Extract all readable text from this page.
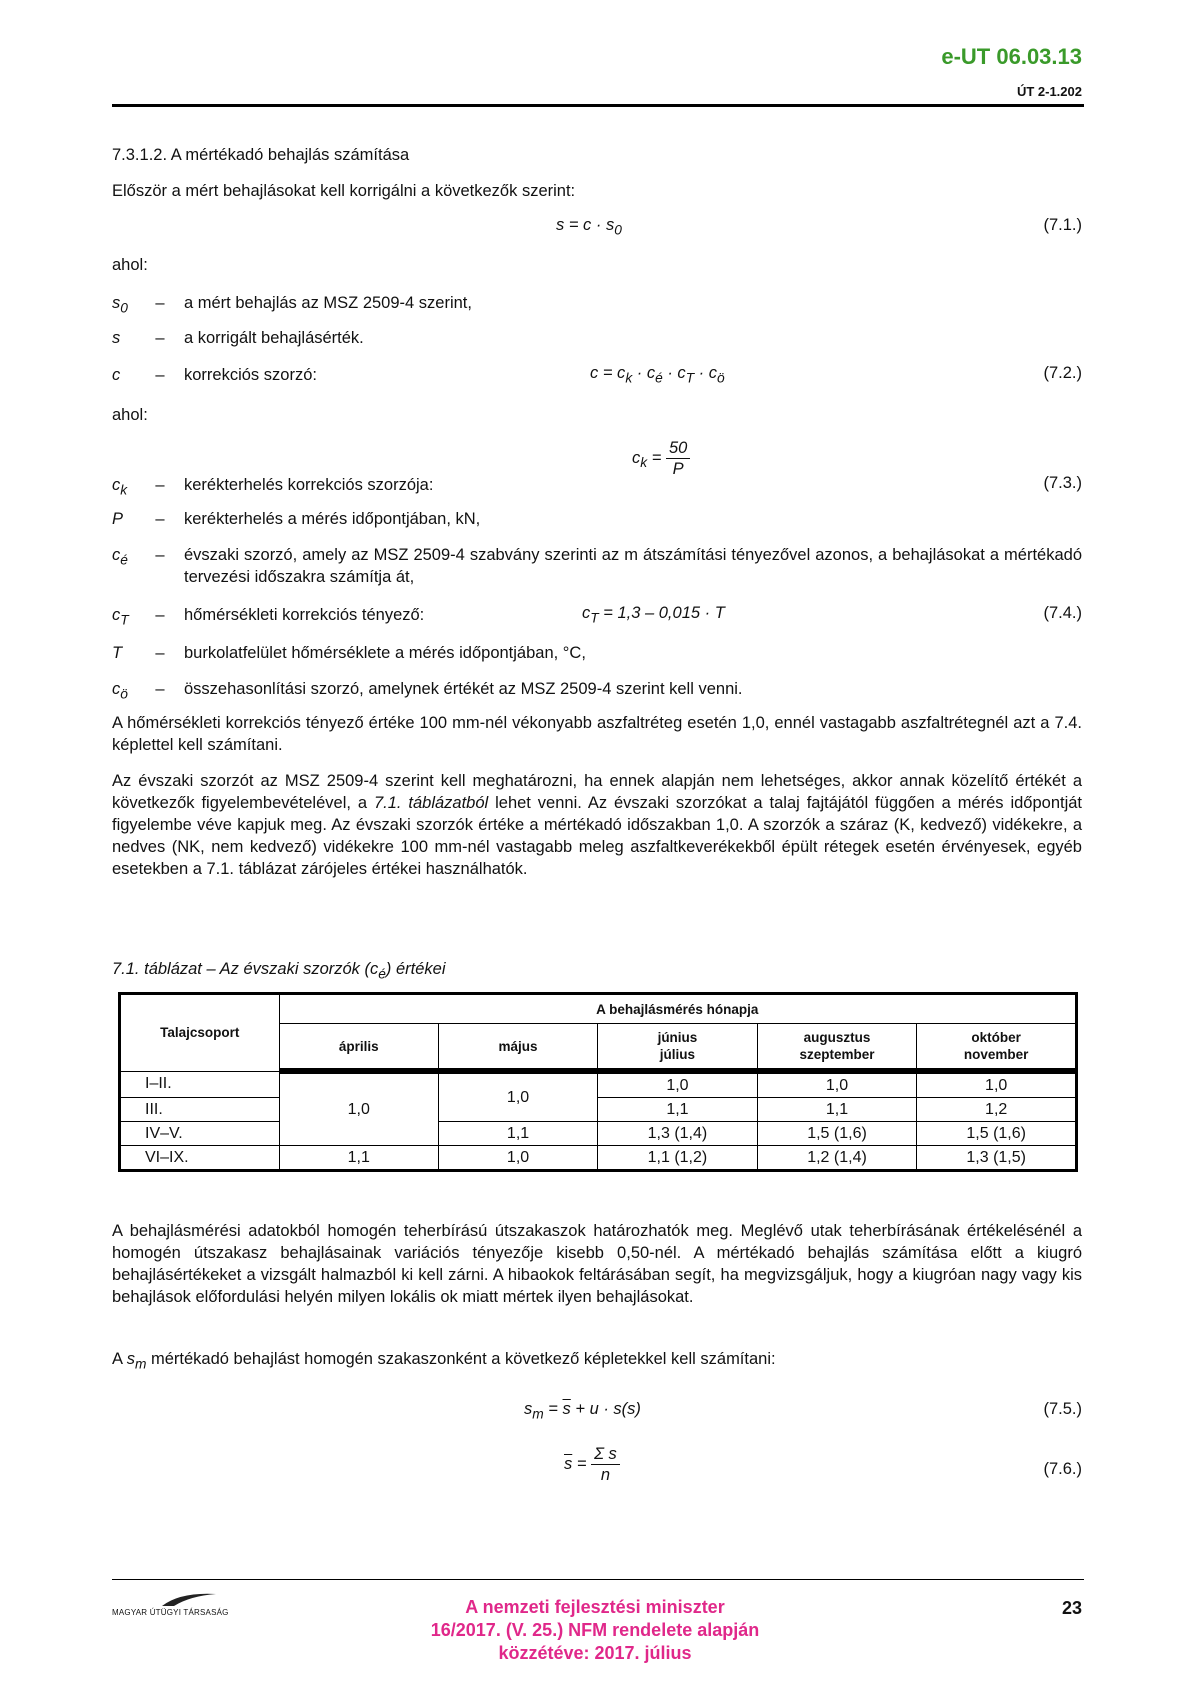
e-UT 06.03.13
ÚT 2-1.202
7.3.1.2. A mértékadó behajlás számítása
Először a mért behajlásokat kell korrigálni a következők szerint:
$s = c \cdot s_0$	(7.1.)
ahol:
$s_0$	–	a mért behajlás az MSZ 2509-4 szerint,
s	–	a korrigált behajlásérték.
c	–	korrekciós szorzó:	$c = c_k \cdot c_é \cdot c_T \cdot c_ö$	(7.2.)
ahol:
$c_k = \frac{50}{P}$
(7.3.)
$c_k$	–	kerékterhelés korrekciós szorzója:
P	–	kerékterhelés a mérés időpontjában, kN,
$c_é$	–	évszaki szorzó, amely az MSZ 2509-4 szabvány szerinti az m átszámítási tényezővel azonos, a behajlásokat a mértékadó tervezési időszakra számítja át,
$c_T$	–	hőmérsékleti korrekciós tényező:	$c_T = 1,3 - 0,015 \cdot T$	(7.4.)
T	–	burkolatfelület hőmérséklete a mérés időpontjában, °C,
$c_ö$	–	összehasonlítási szorzó, amelynek értékét az MSZ 2509-4 szerint kell venni.
A hőmérsékleti korrekciós tényező értéke 100 mm-nél vékonyabb aszfaltréteg esetén 1,0, ennél vastagabb aszfaltrétegnél azt a 7.4. képlettel kell számítani.
Az évszaki szorzót az MSZ 2509-4 szerint kell meghatározni, ha ennek alapján nem lehetséges, akkor annak közelítő értékét a következők figyelembevételével, a 7.1. táblázatból lehet venni. Az évszaki szorzókat a talaj fajtájától függően a mérés időpontját figyelembe véve kapjuk meg. Az évszaki szorzók értéke a mértékadó időszakban 1,0. A szorzók a száraz (K, kedvező) vidékekre, a nedves (NK, nem kedvező) vidékekre 100 mm-nél vastagabb meleg aszfaltkeverékekből épült rétegek esetén érvényesek, egyéb esetekben a 7.1. táblázat zárójeles értékei használhatók.
7.1. táblázat – Az évszaki szorzók $(c_é)$ értékei
Talajcsoport	A behajlásmérés hónapja				
	április	május	június július	augusztus szeptember	október november

I–II.	1,0	1,0	1,0	1,0	1,0
III.			1,1	1,1	1,2
IV–V.		1,1	1,3 (1,4)	1,5 (1,6)	1,5 (1,6)
VI–IX.	1,1	1,0	1,1 (1,2)	1,2 (1,4)	1,3 (1,5)
A behajlásmérési adatokból homogén teherbírású útszakaszok határozhatók meg. Meglévő utak teherbírásának értékelésénél a homogén útszakasz behajlásainak variációs tényezője kisebb 0,50-nél. A mértékadó behajlás számítása előtt a kiugró behajlásértékeket a vizsgált halmazból ki kell zárni. A hibaokok feltárásában segít, ha megvizsgáljuk, hogy a kiugróan nagy vagy kis behajlások előfordulási helyén milyen lokális ok miatt mértek ilyen behajlásokat.
A $s_m$ mértékadó behajlást homogén szakaszonként a következő képletekkel kell számítani:
$s_m = \overline{s} + u \cdot s(s)$	(7.5.)
$\overline{s} = \frac{\text{Σ s}}{n}$	(7.6.)
MAGYAR ÚTÜGYI TÁRSASÁG	A nemzeti fejlesztési miniszter
16/2017. (V. 25.) NFM rendelete alapján
közzétéve: 2017. július
23
